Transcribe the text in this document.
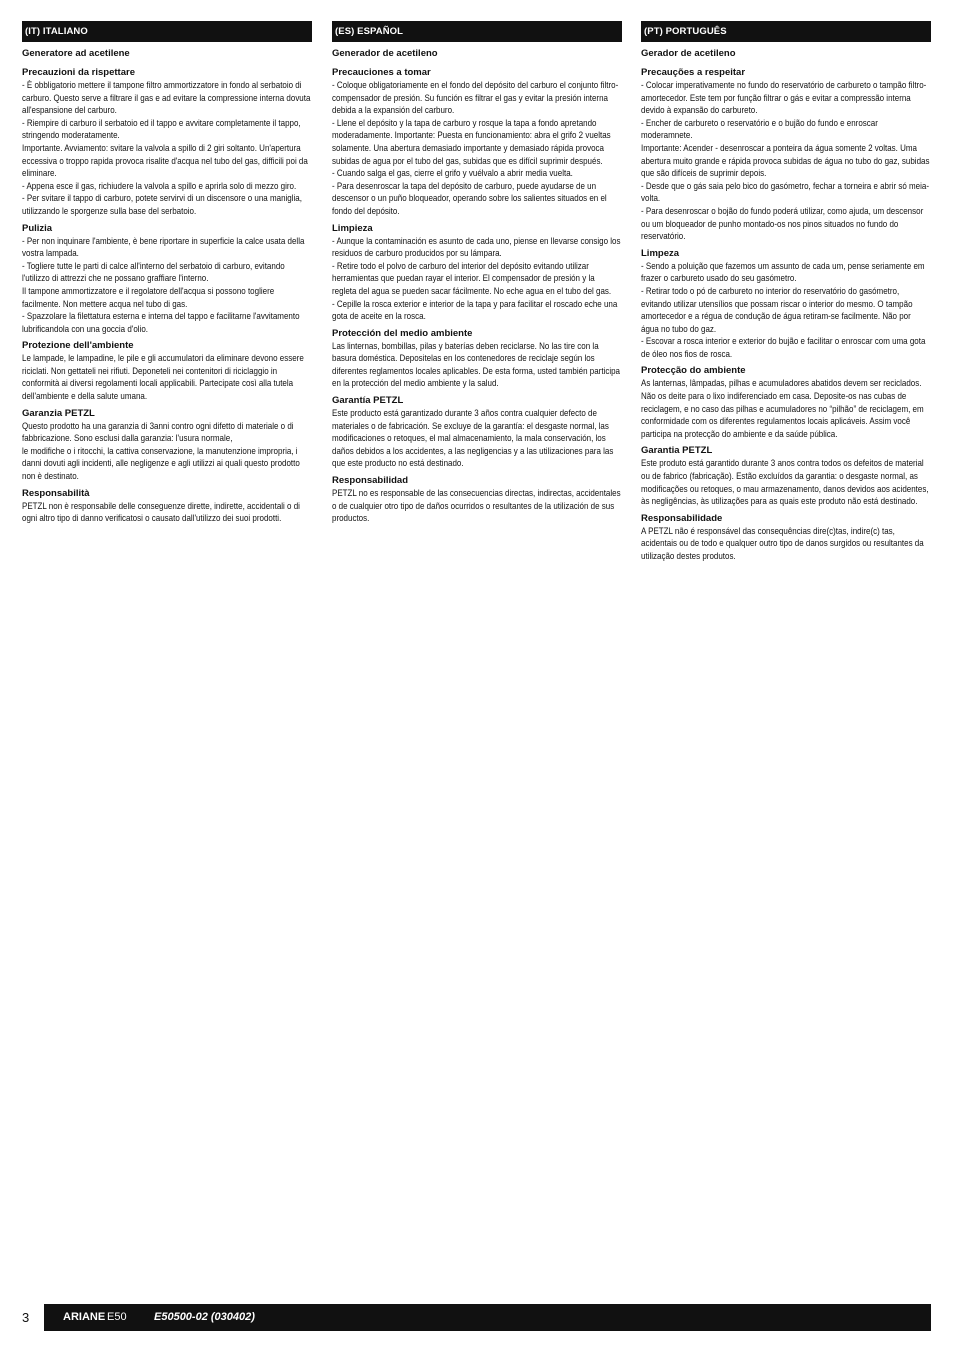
(IT) ITALIANO
Generatore ad acetilene
Precauzioni da rispettare
- È obbligatorio mettere il tampone filtro ammortizzatore in fondo al serbatoio di carburo. Questo serve a filtrare il gas e ad evitare la compressione interna dovuta all'espansione del carburo.
- Riempire di carburo il serbatoio ed il tappo e avvitare completamente il tappo, stringendo moderatamente.
Importante. Avviamento: svitare la valvola a spillo di 2 giri soltanto. Un'apertura eccessiva o troppo rapida provoca risalite d'acqua nel tubo del gas, difficili poi da eliminare.
- Appena esce il gas, richiudere la valvola a spillo e aprirla solo di mezzo giro.
- Per svitare il tappo di carburo, potete servirvi di un discensore o una maniglia, utilizzando le sporgenze sulla base del serbatoio.
Pulizia
- Per non inquinare l'ambiente, è bene riportare in superficie la calce usata della vostra lampada.
- Togliere tutte le parti di calce all'interno del serbatoio di carburo, evitando l'utilizzo di attrezzi che ne possano graffiare l'interno.
Il tampone ammortizzatore e il regolatore dell'acqua si possono togliere facilmente. Non mettere acqua nel tubo di gas.
- Spazzolare la filettatura esterna e interna del tappo e facilitarne l'avvitamento lubrificandola con una goccia d'olio.
Protezione dell'ambiente
Le lampade, le lampadine, le pile e gli accumulatori da eliminare devono essere riciclati. Non gettateli nei rifiuti. Deponeteli nei contenitori di riciclaggio in conformità ai diversi regolamenti locali applicabili. Partecipate così alla tutela dell'ambiente e della salute umana.
Garanzia PETZL
Questo prodotto ha una garanzia di 3anni contro ogni difetto di materiale o di fabbricazione. Sono esclusi dalla garanzia: l'usura normale,
le modifiche o i ritocchi, la cattiva conservazione, la manutenzione impropria, i danni dovuti agli incidenti, alle negligenze e agli utilizzi ai quali questo prodotto non è destinato.
Responsabilità
PETZL non è responsabile delle conseguenze dirette, indirette, accidentali o di ogni altro tipo di danno verificatosi o causato dall'utilizzo dei suoi prodotti.
(ES) ESPAÑOL
Generador de acetileno
Precauciones a tomar
- Coloque obligatoriamente en el fondo del depósito del carburo el conjunto filtro-compensador de presión. Su función es filtrar el gas y evitar la presión interna debida a la expansión del carburo.
- Llene el depósito y la tapa de carburo y rosque la tapa a fondo apretando moderadamente. Importante: Puesta en funcionamiento: abra el grifo 2 vueltas solamente. Una abertura demasiado importante y demasiado rápida provoca subidas de agua por el tubo del gas, subidas que es difícil suprimir después.
- Cuando salga el gas, cierre el grifo y vuélvalo a abrir media vuelta.
- Para desenroscar la tapa del depósito de carburo, puede ayudarse de un descensor o un puño bloqueador, operando sobre los salientes situados en el fondo del depósito.
Limpieza
- Aunque la contaminación es asunto de cada uno, piense en llevarse consigo los residuos de carburo producidos por su lámpara.
- Retire todo el polvo de carburo del interior del depósito evitando utilizar herramientas que puedan rayar el interior. El compensador de presión y la regleta del agua se pueden sacar fácilmente. No eche agua en el tubo del gas.
- Cepille la rosca exterior e interior de la tapa y para facilitar el roscado eche una gota de aceite en la rosca.
Protección del medio ambiente
Las linternas, bombillas, pilas y baterías deben reciclarse. No las tire con la basura doméstica. Depositelas en los contenedores de reciclaje según los diferentes reglamentos locales aplicables. De esta forma, usted también participa en la protección del medio ambiente y la salud.
Garantía PETZL
Este producto está garantizado durante 3 años contra cualquier defecto de materiales o de fabricación. Se excluye de la garantía: el desgaste normal, las modificaciones o retoques, el mal almacenamiento, la mala conservación, los daños debidos a los accidentes, a las negligencias y a las utilizaciones para las que este producto no está destinado.
Responsabilidad
PETZL no es responsable de las consecuencias directas, indirectas, accidentales o de cualquier otro tipo de daños ocurridos o resultantes de la utilización de sus productos.
(PT) PORTUGUÊS
Gerador de acetileno
Precauções a respeitar
- Colocar imperativamente no fundo do reservatório de carbureto o tampão filtro-amortecedor. Este tem por função filtrar o gás e evitar a compressão interna devido à expansão do carbureto.
- Encher de carbureto o reservatório e o bujão do fundo e enroscar moderamnete.
Importante: Acender - desenroscar a ponteira da água somente 2 voltas. Uma abertura muito grande e rápida provoca subidas de água no tubo do gaz, subidas que são difíceis de suprimir depois.
- Desde que o gás saia pelo bico do gasómetro, fechar a torneira e abrir só meia-volta.
- Para desenroscar o bojão do fundo poderá utilizar, como ajuda, um descensor ou um bloqueador de punho montado-os nos pinos situados no fundo do reservatório.
Limpeza
- Sendo a poluição que fazemos um assunto de cada um, pense seriamente em frazer o carbureto usado do seu gasómetro.
- Retirar todo o pó de carbureto no interior do reservatório do gasómetro, evitando utilizar utensílios que possam riscar o interior do mesmo. O tampão amortecedor e a régua de condução de água retiram-se facilmente. Não por água no tubo do gaz.
- Escovar a rosca interior e exterior do bujão e facilitar o enroscar com uma gota de óleo nos fios de rosca.
Protecção do ambiente
As lanternas, lâmpadas, pilhas e acumuladores abatidos devem ser reciclados. Não os deite para o lixo indiferenciado em casa. Deposite-os nas cubas de reciclagem, e no caso das pilhas e acumuladores no “pilhão” de reciclagem, em conformidade com os diferentes regulamentos locais aplicáveis. Assim você participa na protecção do ambiente e da saúde pública.
Garantia PETZL
Este produto está garantido durante 3 anos contra todos os defeitos de material ou de fabrico (fabricação). Estão excluídos da garantia: o desgaste normal, as modificações ou retoques, o mau armazenamento, danos devidos aos acidentes, às negligências, às utilizações para as quais este produto não está destinado.
Responsabilidade
A PETZL não é responsável das consequências dire(c)tas, indire(c) tas, acidentais ou de todo e qualquer outro tipo de danos surgidos ou resultantes da utilização destes produtos.
3	ARIANE E50 E50500-02 (030402)
